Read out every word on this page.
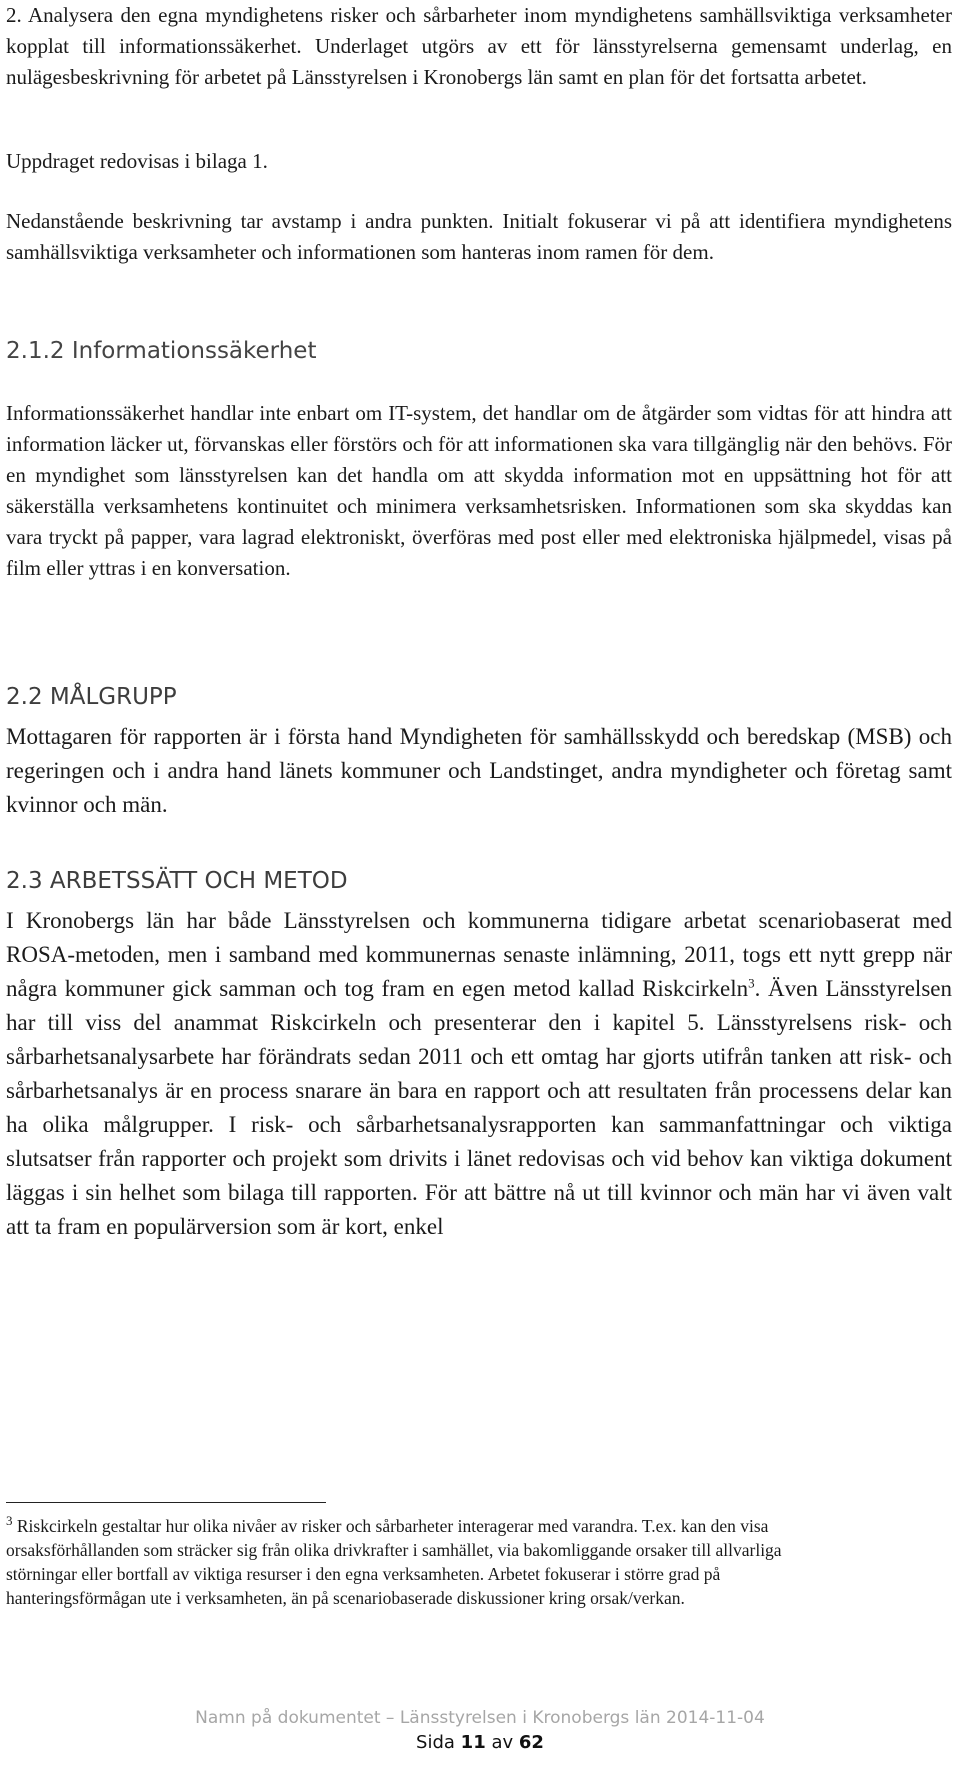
2. Analysera den egna myndighetens risker och sårbarheter inom myndighetens samhällsviktiga verksamheter kopplat till informationssäkerhet. Underlaget utgörs av ett för länsstyrelserna gemensamt underlag, en nulägesbeskrivning för arbetet på Länsstyrelsen i Kronobergs län samt en plan för det fortsatta arbetet.

Uppdraget redovisas i bilaga 1.

Nedanstående beskrivning tar avstamp i andra punkten. Initialt fokuserar vi på att identifiera myndighetens samhällsviktiga verksamheter och informationen som hanteras inom ramen för dem.

2.1.2 Informationssäkerhet

Informationssäkerhet handlar inte enbart om IT-system, det handlar om de åtgärder som vidtas för att hindra att information läcker ut, förvanskas eller förstörs och för att informationen ska vara tillgänglig när den behövs. För en myndighet som länsstyrelsen kan det handla om att skydda information mot en uppsättning hot för att säkerställa verksamhetens kontinuitet och minimera verksamhetsrisken. Informationen som ska skyddas kan vara tryckt på papper, vara lagrad elektroniskt, överföras med post eller med elektroniska hjälpmedel, visas på film eller yttras i en konversation.

2.2 MÅLGRUPP

Mottagaren för rapporten är i första hand Myndigheten för samhällsskydd och beredskap (MSB) och regeringen och i andra hand länets kommuner och Landstinget, andra myndigheter och företag samt kvinnor och män.

2.3 ARBETSSÄTT OCH METOD

I Kronobergs län har både Länsstyrelsen och kommunerna tidigare arbetat scenariobaserat med ROSA-metoden, men i samband med kommunernas senaste inlämning, 2011, togs ett nytt grepp när några kommuner gick samman och tog fram en egen metod kallad Riskcirkeln$^3$. Även Länsstyrelsen har till viss del anammat Riskcirkeln och presenterar den i kapitel 5. Länsstyrelsens risk- och sårbarhetsanalysarbete har förändrats sedan 2011 och ett omtag har gjorts utifrån tanken att risk- och sårbarhetsanalys är en process snarare än bara en rapport och att resultaten från processens delar kan ha olika målgrupper. I risk- och sårbarhetsanalysrapporten kan sammanfattningar och viktiga slutsatser från rapporter och projekt som drivits i länet redovisas och vid behov kan viktiga dokument läggas i sin helhet som bilaga till rapporten. För att bättre nå ut till kvinnor och män har vi även valt att ta fram en populärversion som är kort, enkel

$^3$ Riskcirkeln gestaltar hur olika nivåer av risker och sårbarheter interagerar med varandra. T.ex. kan den visa orsaksförhållanden som sträcker sig från olika drivkrafter i samhället, via bakomliggande orsaker till allvarliga störningar eller bortfall av viktiga resurser i den egna verksamheten. Arbetet fokuserar i större grad på hanteringsförmågan ute i verksamheten, än på scenariobaserade diskussioner kring orsak/verkan.

Namn på dokumentet – Länsstyrelsen i Kronobergs län 2014-11-04
Sida 11 av 62
